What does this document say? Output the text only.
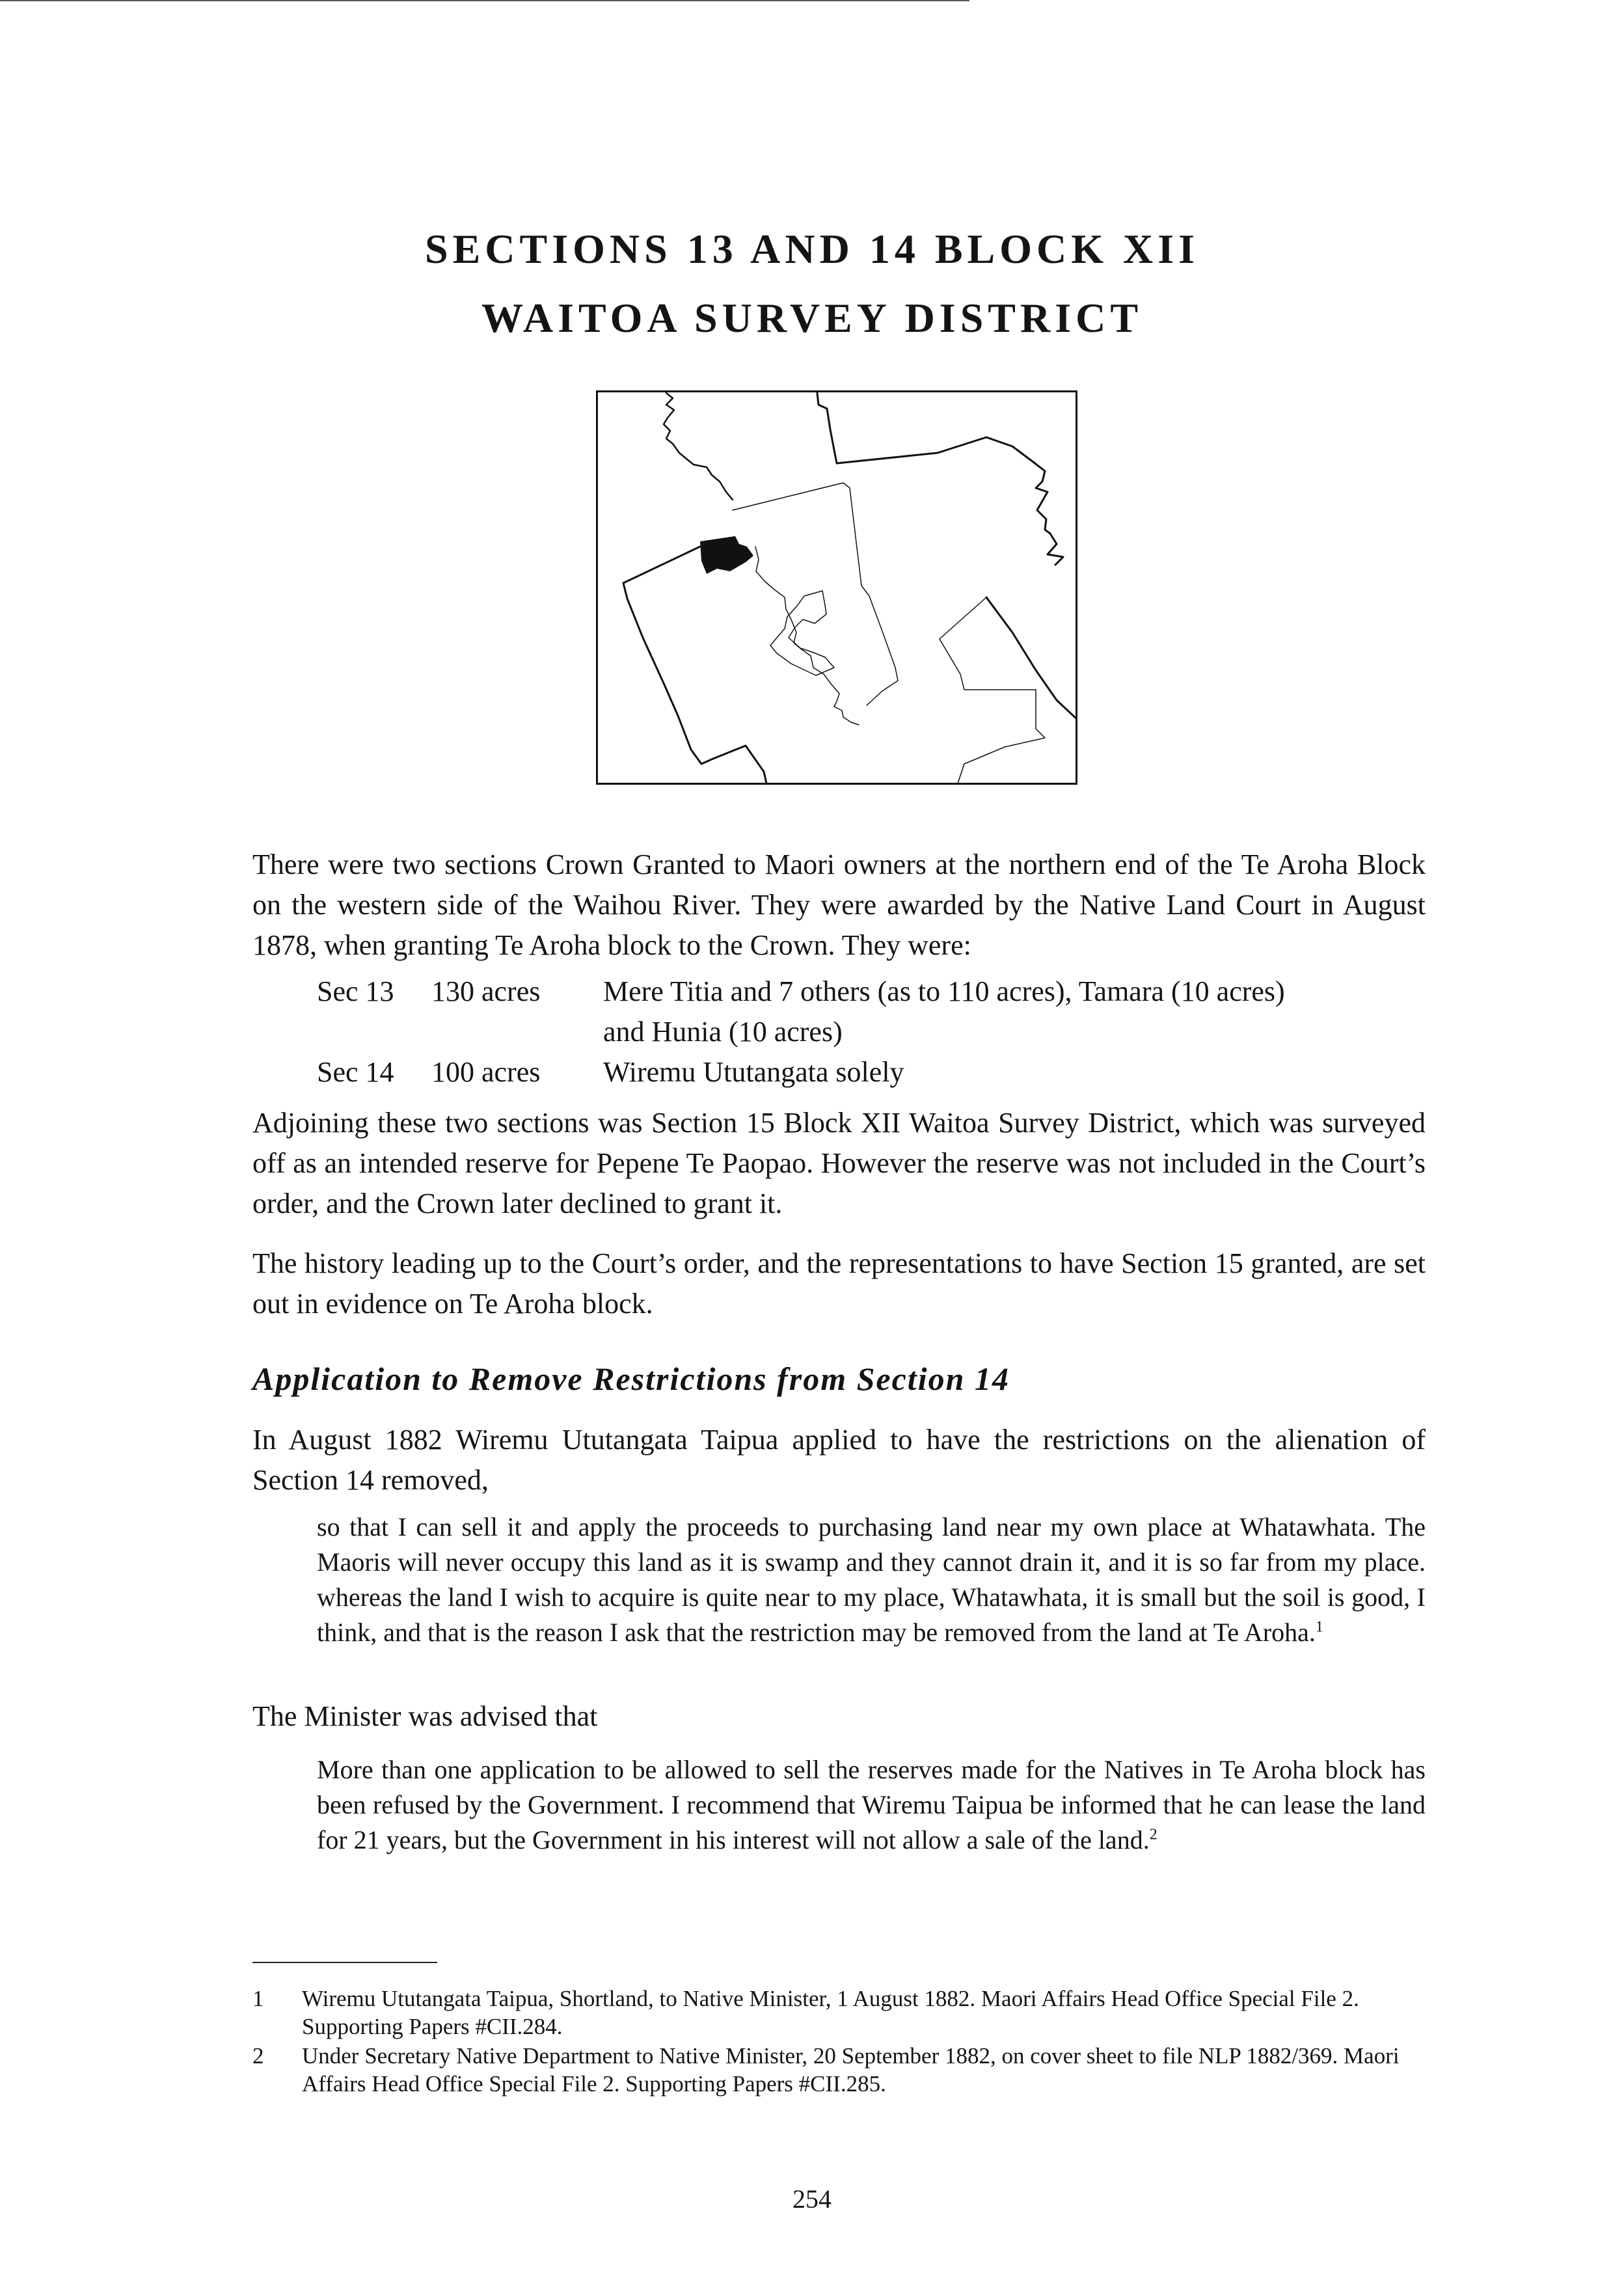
SECTIONS 13 AND 14 BLOCK XII
WAITOA SURVEY DISTRICT

There were two sections Crown Granted to Maori owners at the northern end of the Te Aroha Block on the western side of the Waihou River. They were awarded by the Native Land Court in August 1878, when granting Te Aroha block to the Crown. They were:

Sec 13 130 acres Mere Titia and 7 others (as to 110 acres), Tamara (10 acres)
and Hunia (10 acres)
Sec 14 100 acres Wiremu Ututangata solely

Adjoining these two sections was Section 15 Block XII Waitoa Survey District, which was surveyed off as an intended reserve for Pepene Te Paopao. However the reserve was not included in the Court’s order, and the Crown later declined to grant it.

The history leading up to the Court’s order, and the representations to have Section 15 granted, are set out in evidence on Te Aroha block.

Application to Remove Restrictions from Section 14

In August 1882 Wiremu Ututangata Taipua applied to have the restrictions on the alienation of Section 14 removed,

so that I can sell it and apply the proceeds to purchasing land near my own place at Whatawhata. The Maoris will never occupy this land as it is swamp and they cannot drain it, and it is so far from my place. whereas the land I wish to acquire is quite near to my place, Whatawhata, it is small but the soil is good, I think, and that is the reason I ask that the restriction may be removed from the land at Te Aroha.$^1$

The Minister was advised that

More than one application to be allowed to sell the reserves made for the Natives in Te Aroha block has been refused by the Government. I recommend that Wiremu Taipua be informed that he can lease the land for 21 years, but the Government in his interest will not allow a sale of the land.$^2$

1 Wiremu Ututangata Taipua, Shortland, to Native Minister, 1 August 1882. Maori Affairs Head Office Special File 2. Supporting Papers #CII.284.
2 Under Secretary Native Department to Native Minister, 20 September 1882, on cover sheet to file NLP 1882/369. Maori Affairs Head Office Special File 2. Supporting Papers #CII.285.
254
